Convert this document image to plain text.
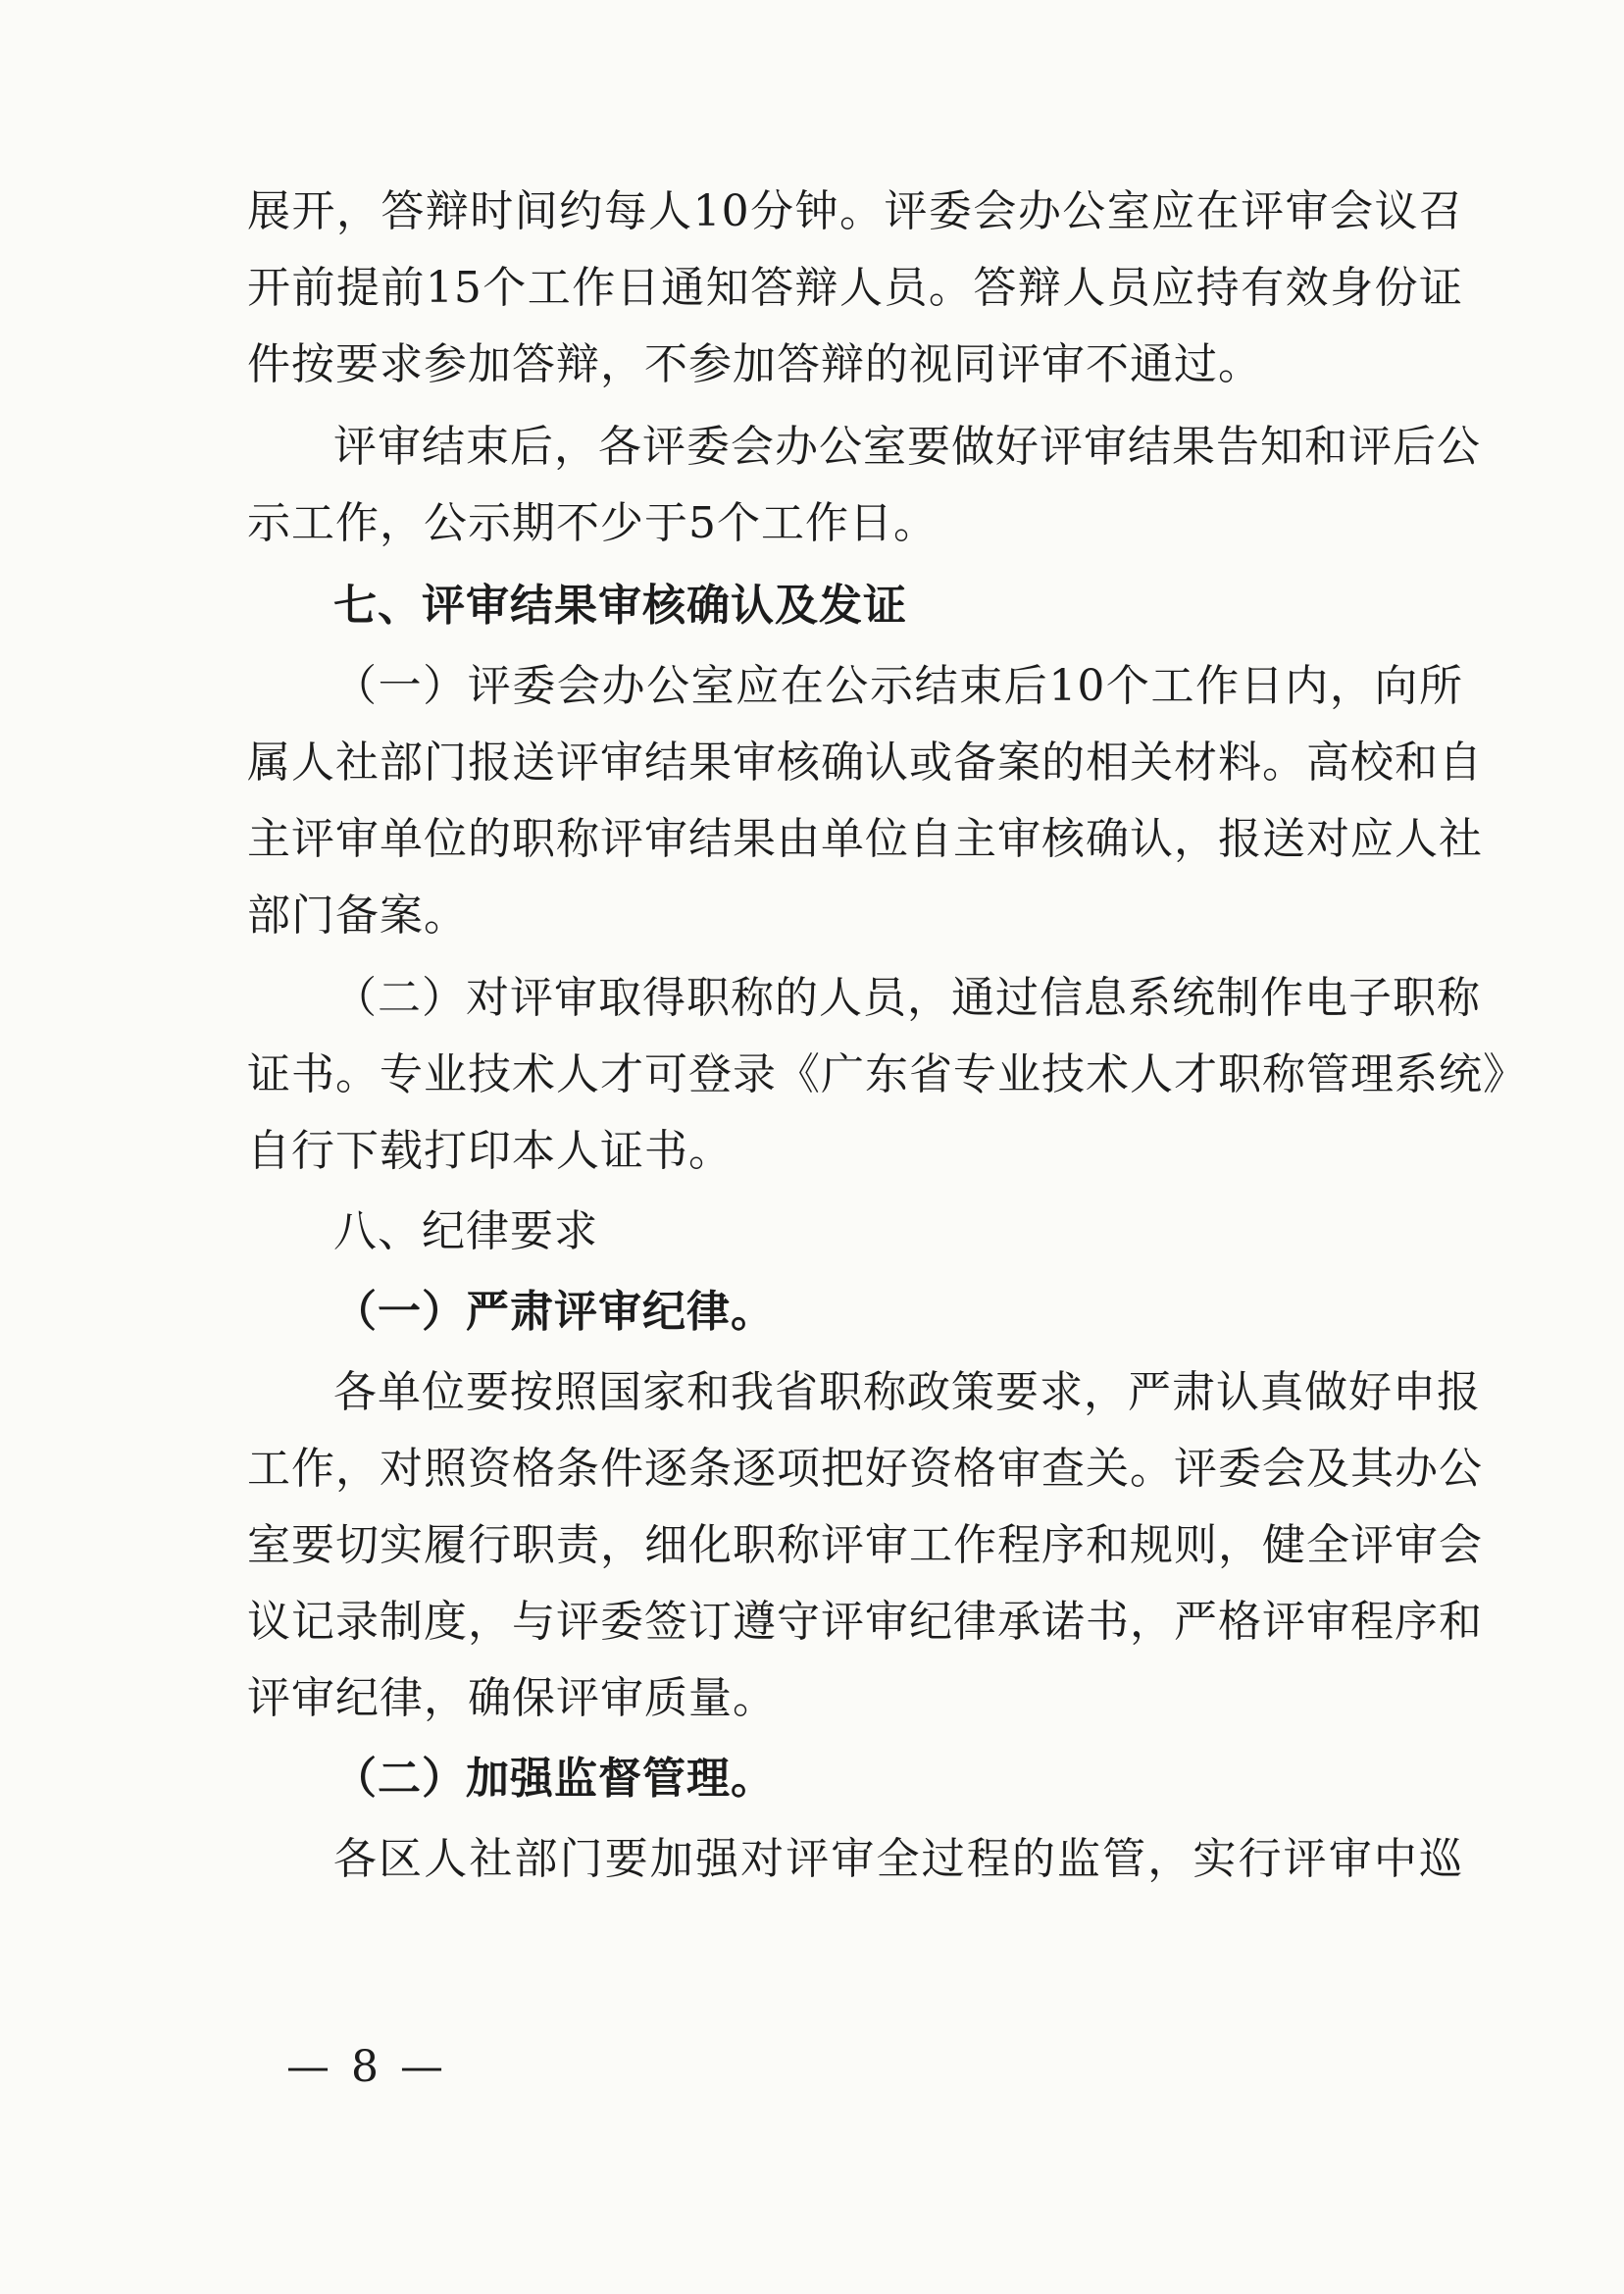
展开，答辩时间约每人10分钟。评委会办公室应在评审会议召
开前提前15个工作日通知答辩人员。答辩人员应持有效身份证
件按要求参加答辩，不参加答辩的视同评审不通过。
评审结束后，各评委会办公室要做好评审结果告知和评后公
示工作，公示期不少于5个工作日。
七、评审结果审核确认及发证
（一）评委会办公室应在公示结束后10个工作日内，向所
属人社部门报送评审结果审核确认或备案的相关材料。高校和自
主评审单位的职称评审结果由单位自主审核确认，报送对应人社
部门备案。
（二）对评审取得职称的人员，通过信息系统制作电子职称
证书。专业技术人才可登录《广东省专业技术人才职称管理系统》
自行下载打印本人证书。
八、纪律要求
（一）严肃评审纪律。
各单位要按照国家和我省职称政策要求，严肃认真做好申报
工作，对照资格条件逐条逐项把好资格审查关。评委会及其办公
室要切实履行职责，细化职称评审工作程序和规则，健全评审会
议记录制度，与评委签订遵守评审纪律承诺书，严格评审程序和
评审纪律，确保评审质量。
（二）加强监督管理。
各区人社部门要加强对评审全过程的监管，实行评审中巡
— 8 —
